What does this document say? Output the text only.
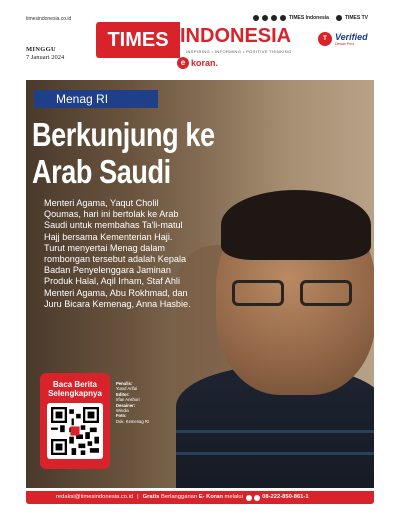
timesindonesia.co.id	TIMES Indonesia	TIMES TV
MINGGU
7 Januari 2024
TIMES INDONESIA
INSPIRING • INFORMING • POSITIVE THINKING
e koran.
T Verified
Dewan Pers
Menag RI
Berkunjung ke
Arab Saudi
Menteri Agama, Yaqut Cholil Qoumas, hari ini bertolak ke Arab Saudi untuk membahas Ta'li-matul Hajj bersama Kementerian Haji. Turut menyertai Menag dalam rombongan tersebut adalah Kepala Badan Penyelenggara Jaminan Produk Halal, Aqil Irham, Staf Ahli Menteri Agama, Abu Rokhmad, dan Juru Bicara Kemenag, Anna Hasbie.
Baca Berita
Selengkapnya
Penulis:
Yusuf Arifai
Editor:
Irfan Anshori
Desainer:
Windia
Foto:
Dok. Kemenag RI
redaksi@timesindonesia.co.id | Gratis
Berlangganan
E- Koran
melalui

	08-222-850-861-1
